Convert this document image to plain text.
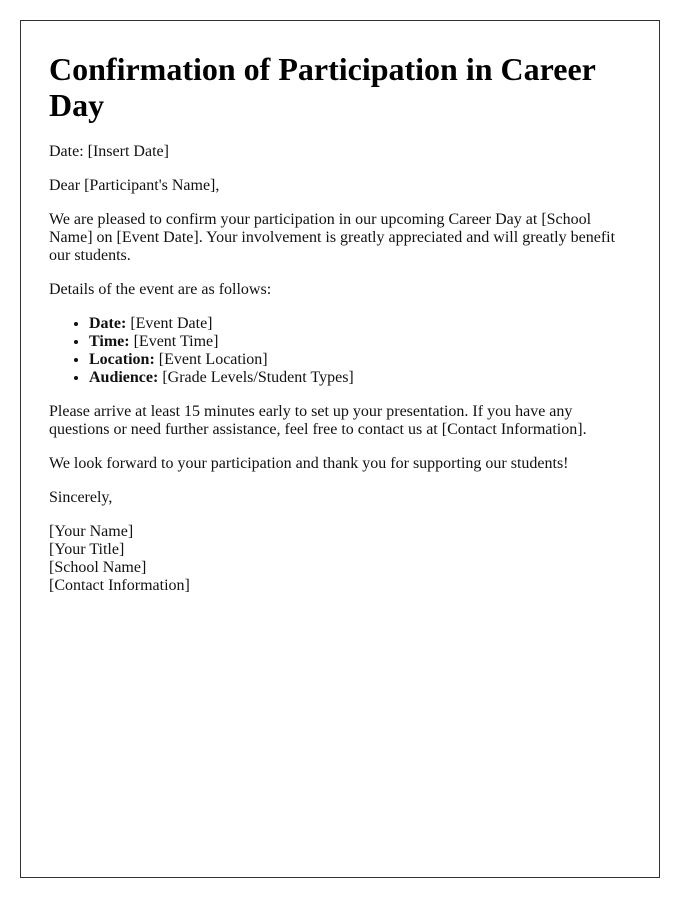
Confirmation of Participation in Career Day

Date: [Insert Date]

Dear [Participant's Name],

We are pleased to confirm your participation in our upcoming Career Day at [School Name] on [Event Date]. Your involvement is greatly appreciated and will greatly benefit our students.

Details of the event are as follows:

• Date: [Event Date]
• Time: [Event Time]
• Location: [Event Location]
• Audience: [Grade Levels/Student Types]

Please arrive at least 15 minutes early to set up your presentation. If you have any questions or need further assistance, feel free to contact us at [Contact Information].

We look forward to your participation and thank you for supporting our students!

Sincerely,

[Your Name]
[Your Title]
[School Name]
[Contact Information]
